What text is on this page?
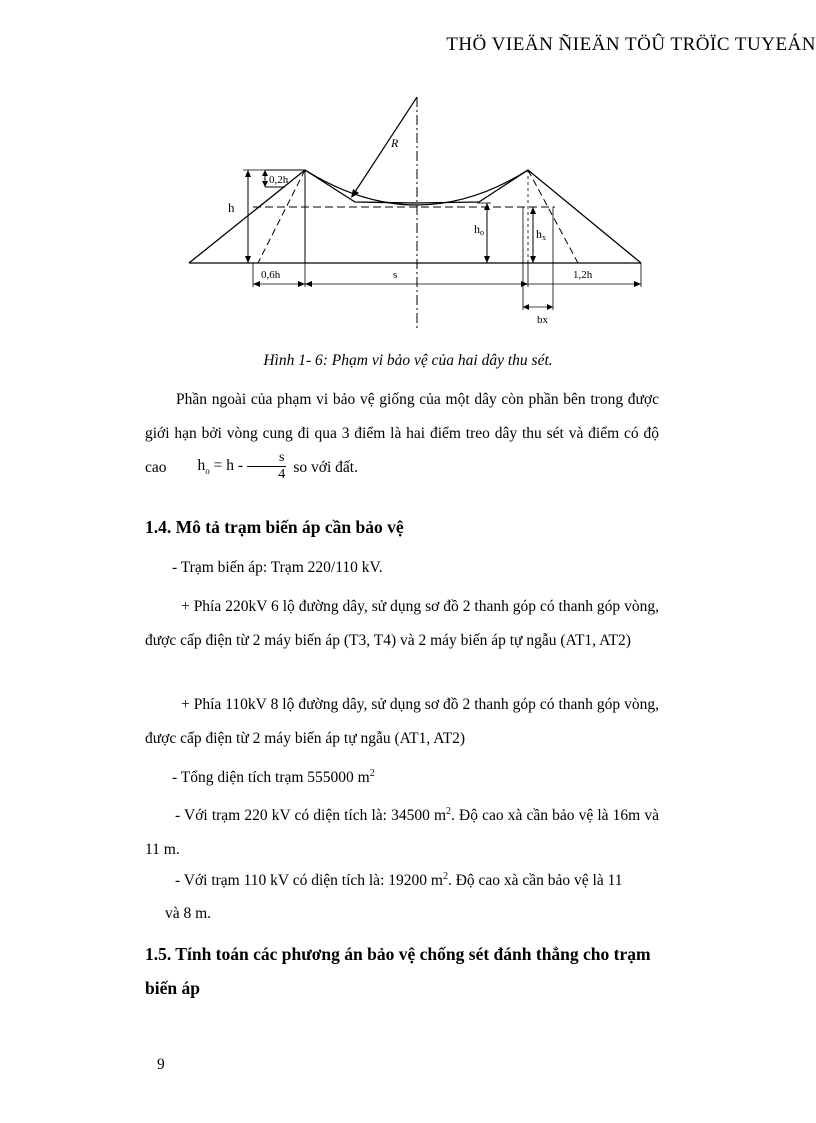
THÖ VIEÄN ÑIEÄN TÖÛ TRÖÏC TUYEÁN
0,2h
h
ho	hx
R
0,6h	s	1,2h
bx
Hình 1- 6: Phạm vi bảo vệ của hai dây thu sét.
Phần ngoài của phạm vi bảo vệ giống của một dây còn phần bên trong được giới hạn bởi vòng cung đi qua 3 điểm là hai điểm treo dây thu sét và điểm có độ cao $h_o = h - \frac{s}{4}$ so với đất.
1.4. Mô tả trạm biến áp cần bảo vệ
- Trạm biến áp: Trạm 220/110 kV.
+ Phía 220kV 6 lộ đường dây, sử dụng sơ đồ 2 thanh góp có thanh góp vòng, được cấp điện từ 2 máy biến áp (T3, T4) và 2 máy biến áp tự ngẫu (AT1, AT2)
+ Phía 110kV 8 lộ đường dây, sử dụng sơ đồ 2 thanh góp có thanh góp vòng, được cấp điện từ 2 máy biến áp tự ngẫu (AT1, AT2)
- Tổng diện tích trạm 555000 $m^2$
- Với trạm 220 kV có diện tích là: 34500 $m^2$. Độ cao xà cần bảo vệ là 16m và 11 m.
- Với trạm 110 kV có diện tích là: 19200 $m^2$. Độ cao xà cần bảo vệ là 11
và 8 m.
1.5. Tính toán các phương án bảo vệ chống sét đánh thẳng cho trạm biến áp
9
